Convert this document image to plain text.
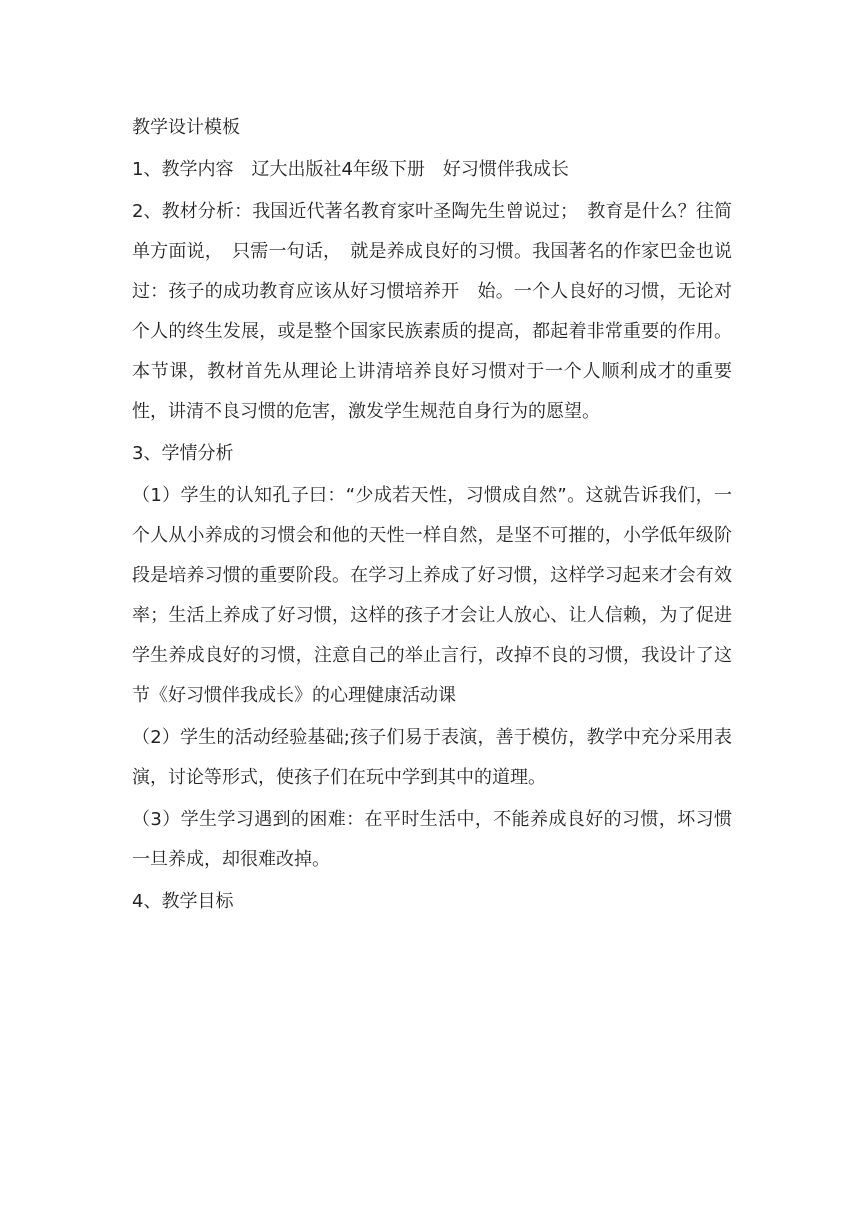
教学设计模板

1、教学内容　辽大出版社4年级下册　好习惯伴我成长

2、教材分析：我国近代著名教育家叶圣陶先生曾说过；　教育是什么？往简单方面说，　只需一句话，　就是养成良好的习惯。我国著名的作家巴金也说过：孩子的成功教育应该从好习惯培养开　始。一个人良好的习惯，无论对个人的终生发展，或是整个国家民族素质的提高，都起着非常重要的作用。本节课，教材首先从理论上讲清培养良好习惯对于一个人顺利成才的重要性，讲清不良习惯的危害，激发学生规范自身行为的愿望。

3、学情分析

（1）学生的认知孔子曰：“少成若天性，习惯成自然”。这就告诉我们，一个人从小养成的习惯会和他的天性一样自然，是坚不可摧的，小学低年级阶段是培养习惯的重要阶段。在学习上养成了好习惯，这样学习起来才会有效率；生活上养成了好习惯，这样的孩子才会让人放心、让人信赖，为了促进学生养成良好的习惯，注意自己的举止言行，改掉不良的习惯，我设计了这节《好习惯伴我成长》的心理健康活动课

（2）学生的活动经验基础;孩子们易于表演，善于模仿，教学中充分采用表演，讨论等形式，使孩子们在玩中学到其中的道理。

（3）学生学习遇到的困难：在平时生活中，不能养成良好的习惯，坏习惯一旦养成，却很难改掉。

4、教学目标
